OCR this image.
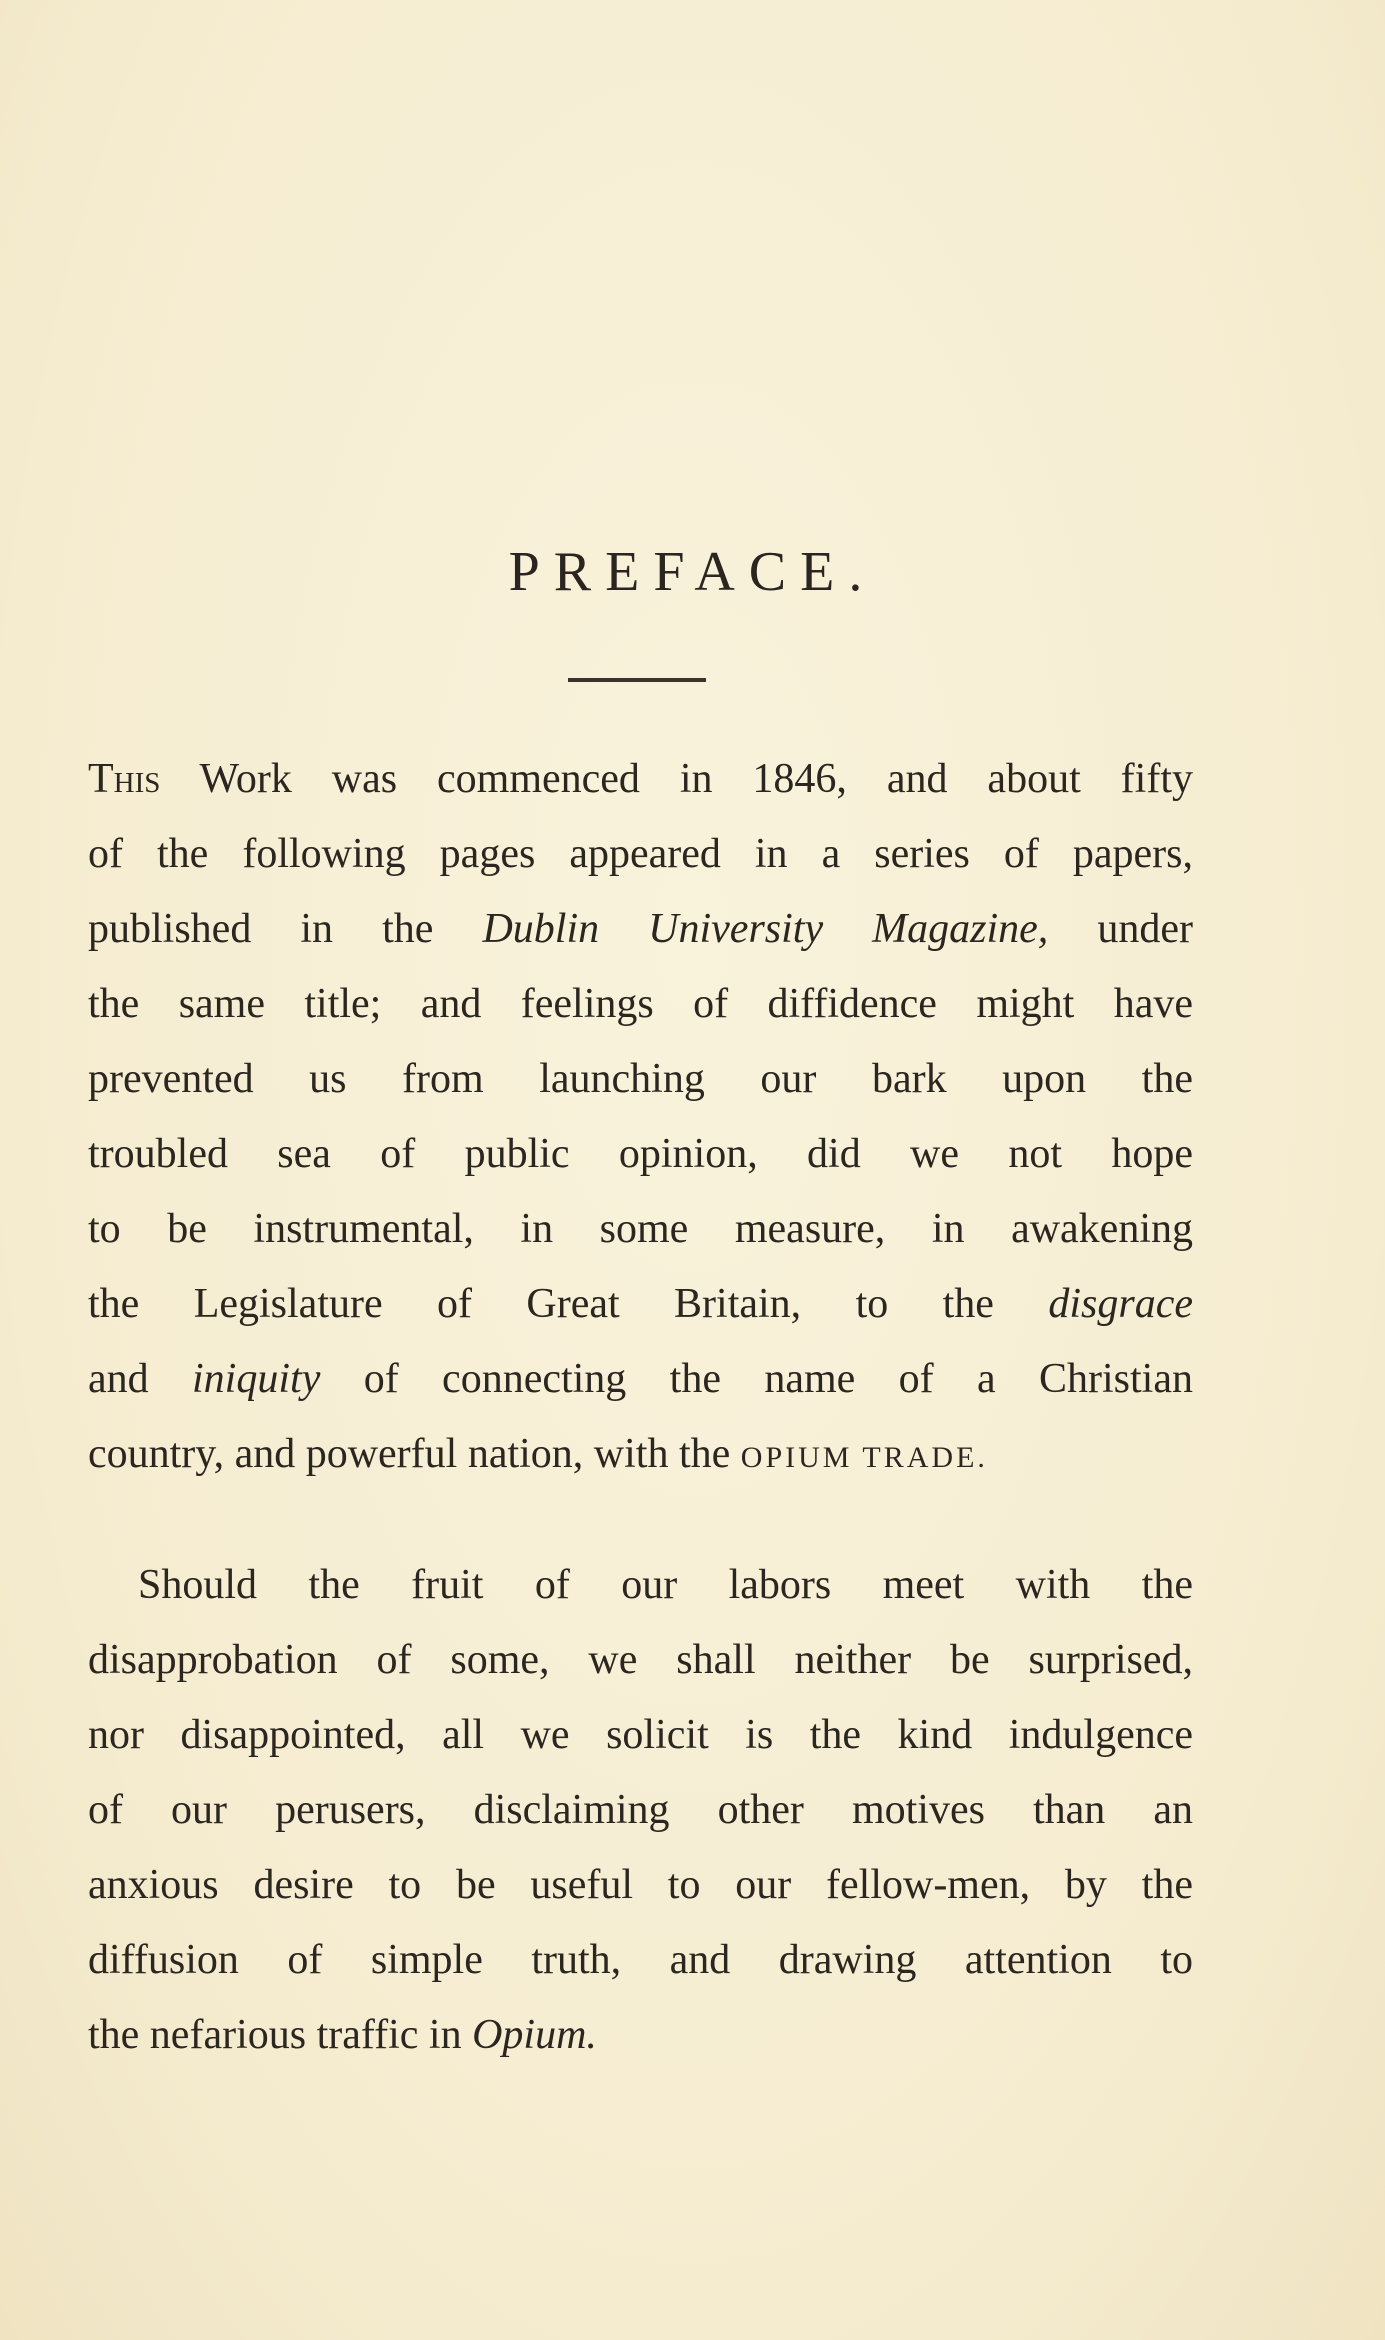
PREFACE.
This Work was commenced in 1846, and about fifty
of the following pages appeared in a series of papers,
published in the Dublin University Magazine, under
the same title; and feelings of diffidence might have
prevented us from launching our bark upon the
troubled sea of public opinion, did we not hope
to be instrumental, in some measure, in awakening
the Legislature of Great Britain, to the disgrace
and iniquity of connecting the name of a Christian
country, and powerful nation, with the OPIUM TRADE.
Should the fruit of our labors meet with the
disapprobation of some, we shall neither be surprised,
nor disappointed, all we solicit is the kind indulgence
of our perusers, disclaiming other motives than an
anxious desire to be useful to our fellow-men, by the
diffusion of simple truth, and drawing attention to
the nefarious traffic in Opium.
